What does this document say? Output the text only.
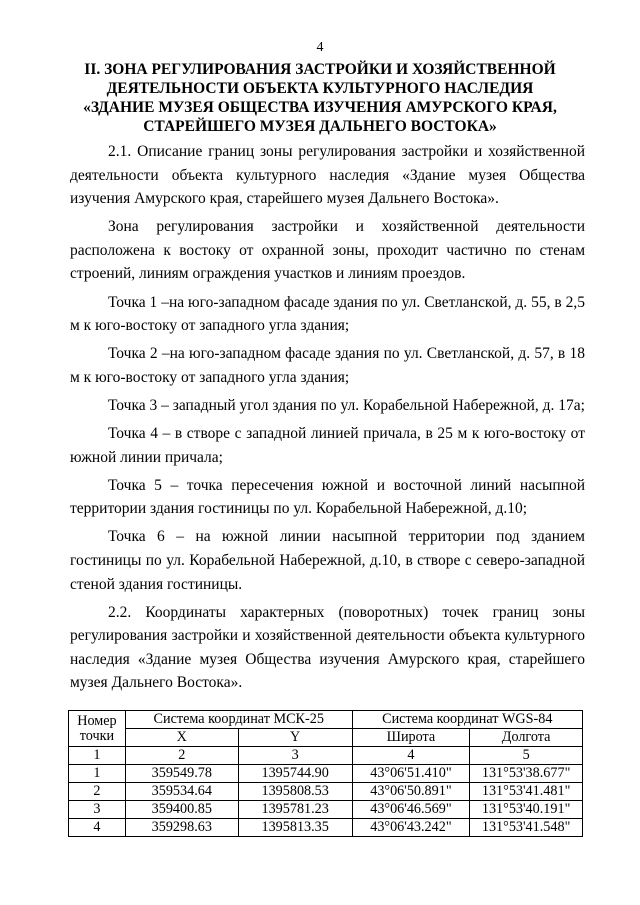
4
II. ЗОНА РЕГУЛИРОВАНИЯ ЗАСТРОЙКИ И ХОЗЯЙСТВЕННОЙ
ДЕЯТЕЛЬНОСТИ ОБЪЕКТА КУЛЬТУРНОГО НАСЛЕДИЯ
«ЗДАНИЕ МУЗЕЯ ОБЩЕСТВА ИЗУЧЕНИЯ АМУРСКОГО КРАЯ,
СТАРЕЙШЕГО МУЗЕЯ ДАЛЬНЕГО ВОСТОКА»

2.1. Описание границ зоны регулирования застройки и хозяйственной деятельности объекта культурного наследия «Здание музея Общества изучения Амурского края, старейшего музея Дальнего Востока».

Зона регулирования застройки и хозяйственной деятельности расположена к востоку от охранной зоны, проходит частично по стенам строений, линиям ограждения участков и линиям проездов.

Точка 1 –на юго-западном фасаде здания по ул. Светланской, д. 55, в 2,5 м к юго-востоку от западного угла здания;

Точка 2 –на юго-западном фасаде здания по ул. Светланской, д. 57, в 18 м к юго-востоку от западного угла здания;

Точка 3 – западный угол здания по ул. Корабельной Набережной, д. 17а;

Точка 4 – в створе с западной линией причала, в 25 м к юго-востоку от южной линии причала;

Точка 5 – точка пересечения южной и восточной линий насыпной территории здания гостиницы по ул. Корабельной Набережной, д.10;

Точка 6 – на южной линии насыпной территории под зданием гостиницы по ул. Корабельной Набережной, д.10, в створе с северо-западной стеной здания гостиницы.

2.2. Координаты характерных (поворотных) точек границ зоны регулирования застройки и хозяйственной деятельности объекта культурного наследия «Здание музея Общества изучения Амурского края, старейшего музея Дальнего Востока».

Номер точки	Система координат МСК-25		Система координат WGS-84	
	X	Y	Широта	Долгота
1	2	3	4	5
1	359549.78	1395744.90	43°06'51.410"	131°53'38.677"
2	359534.64	1395808.53	43°06'50.891"	131°53'41.481"
3	359400.85	1395781.23	43°06'46.569"	131°53'40.191"
4	359298.63	1395813.35	43°06'43.242"	131°53'41.548"
